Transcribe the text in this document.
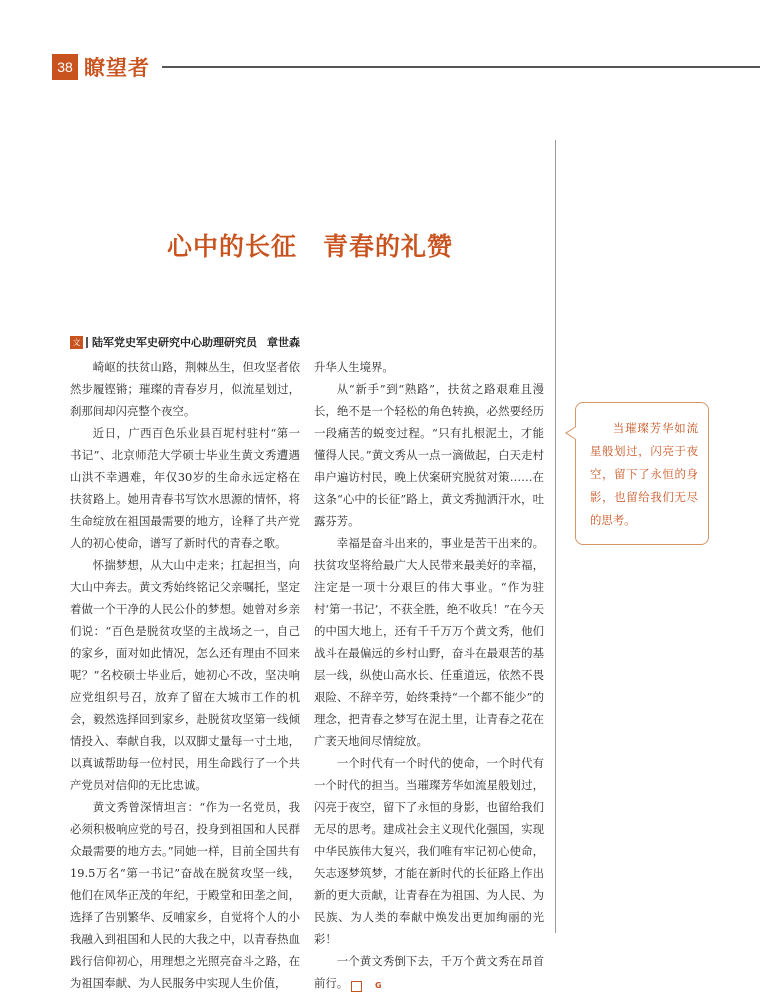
38 瞭望者
心中的长征　青春的礼赞
文 陆军党史军史研究中心助理研究员 章世森

崎岖的扶贫山路，荆棘丛生，但攻坚者依然步履铿锵；璀璨的青春岁月，似流星划过，刹那间却闪亮整个夜空。

近日，广西百色乐业县百坭村驻村“第一书记”、北京师范大学硕士毕业生黄文秀遭遇山洪不幸遇难，年仅30岁的生命永远定格在扶贫路上。她用青春书写饮水思源的情怀，将生命绽放在祖国最需要的地方，诠释了共产党人的初心使命，谱写了新时代的青春之歌。

怀揣梦想，从大山中走来；扛起担当，向大山中奔去。黄文秀始终铭记父亲嘱托，坚定着做一个干净的人民公仆的梦想。她曾对乡亲们说：“百色是脱贫攻坚的主战场之一，自己的家乡，面对如此情况，怎么还有理由不回来呢？”名校硕士毕业后，她初心不改，坚决响应党组织号召，放弃了留在大城市工作的机会，毅然选择回到家乡，赴脱贫攻坚第一线倾情投入、奉献自我，以双脚丈量每一寸土地，以真诚帮助每一位村民，用生命践行了一个共产党员对信仰的无比忠诚。

黄文秀曾深情坦言：“作为一名党员，我必须积极响应党的号召，投身到祖国和人民群众最需要的地方去。”同她一样，目前全国共有19.5万名“第一书记”奋战在脱贫攻坚一线，他们在风华正茂的年纪，于殿堂和田垄之间，选择了告别繁华、反哺家乡，自觉将个人的小我融入到祖国和人民的大我之中，以青春热血践行信仰初心，用理想之光照亮奋斗之路，在为祖国奉献、为人民服务中实现人生价值，

升华人生境界。

从“新手”到“熟路”，扶贫之路艰难且漫长，绝不是一个轻松的角色转换，必然要经历一段痛苦的蜕变过程。“只有扎根泥土，才能懂得人民。”黄文秀从一点一滴做起，白天走村串户遍访村民，晚上伏案研究脱贫对策……在这条“心中的长征”路上，黄文秀抛洒汗水，吐露芬芳。

幸福是奋斗出来的，事业是苦干出来的。扶贫攻坚将给最广大人民带来最美好的幸福，注定是一项十分艰巨的伟大事业。“作为驻村‘第一书记’，不获全胜，绝不收兵！”在今天的中国大地上，还有千千万万个黄文秀，他们战斗在最偏远的乡村山野，奋斗在最艰苦的基层一线，纵使山高水长、任重道远，依然不畏艰险、不辞辛劳，始终秉持“一个都不能少”的理念，把青春之梦写在泥土里，让青春之花在广袤天地间尽情绽放。

一个时代有一个时代的使命，一个时代有一个时代的担当。当璀璨芳华如流星般划过，闪亮于夜空，留下了永恒的身影，也留给我们无尽的思考。建成社会主义现代化强国，实现中华民族伟大复兴，我们唯有牢记初心使命，矢志逐梦筑梦，才能在新时代的长征路上作出新的更大贡献，让青春在为祖国、为人民、为民族、为人类的奉献中焕发出更加绚丽的光彩！

一个黄文秀倒下去，千万个黄文秀在昂首前行。	G

当璀璨芳华如流星般划过，闪亮于夜空，留下了永恒的身影，也留给我们无尽的思考。
